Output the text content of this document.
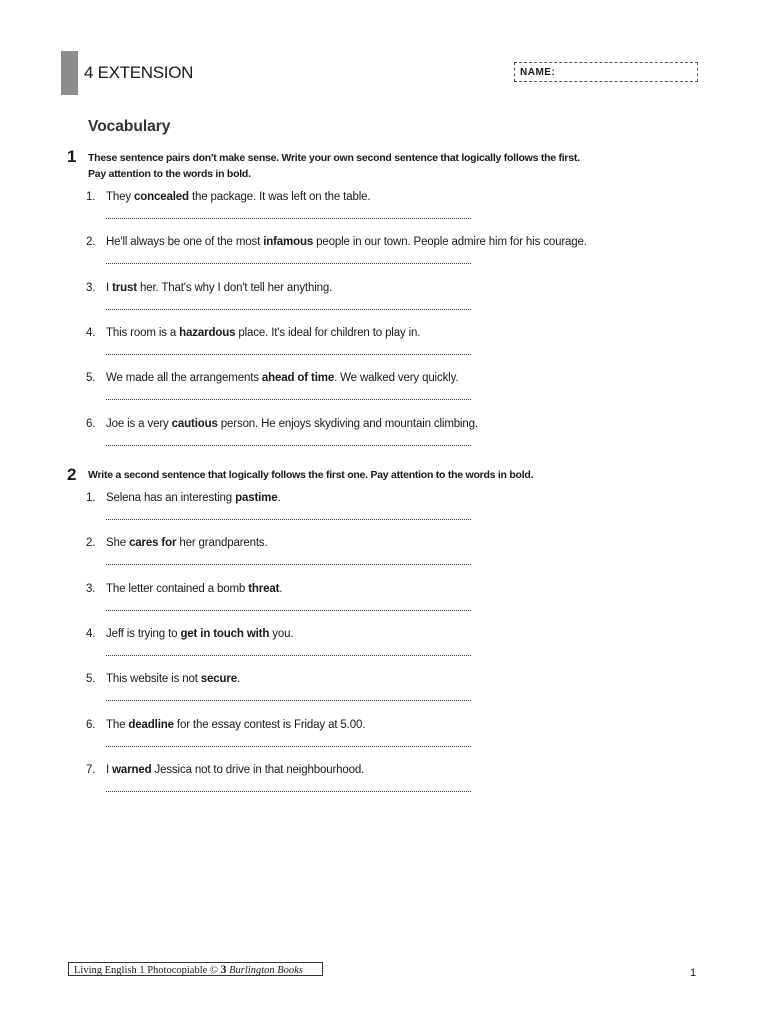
4 EXTENSION	NAME:
Vocabulary
1 These sentence pairs don't make sense. Write your own second sentence that logically follows the first.
Pay attention to the words in bold.
1. They concealed the package. It was left on the table.
2. He'll always be one of the most infamous people in our town. People admire him for his courage.
3. I trust her. That's why I don't tell her anything.
4. This room is a hazardous place. It's ideal for children to play in.
5. We made all the arrangements ahead of time. We walked very quickly.
6. Joe is a very cautious person. He enjoys skydiving and mountain climbing.
2 Write a second sentence that logically follows the first one. Pay attention to the words in bold.
1. Selena has an interesting pastime.
2. She cares for her grandparents.
3. The letter contained a bomb threat.
4. Jeff is trying to get in touch with you.
5. This website is not secure.
6. The deadline for the essay contest is Friday at 5.00.
7. I warned Jessica not to drive in that neighbourhood.
Living English 1 Photocopiable © 3 Burlington Books	1
